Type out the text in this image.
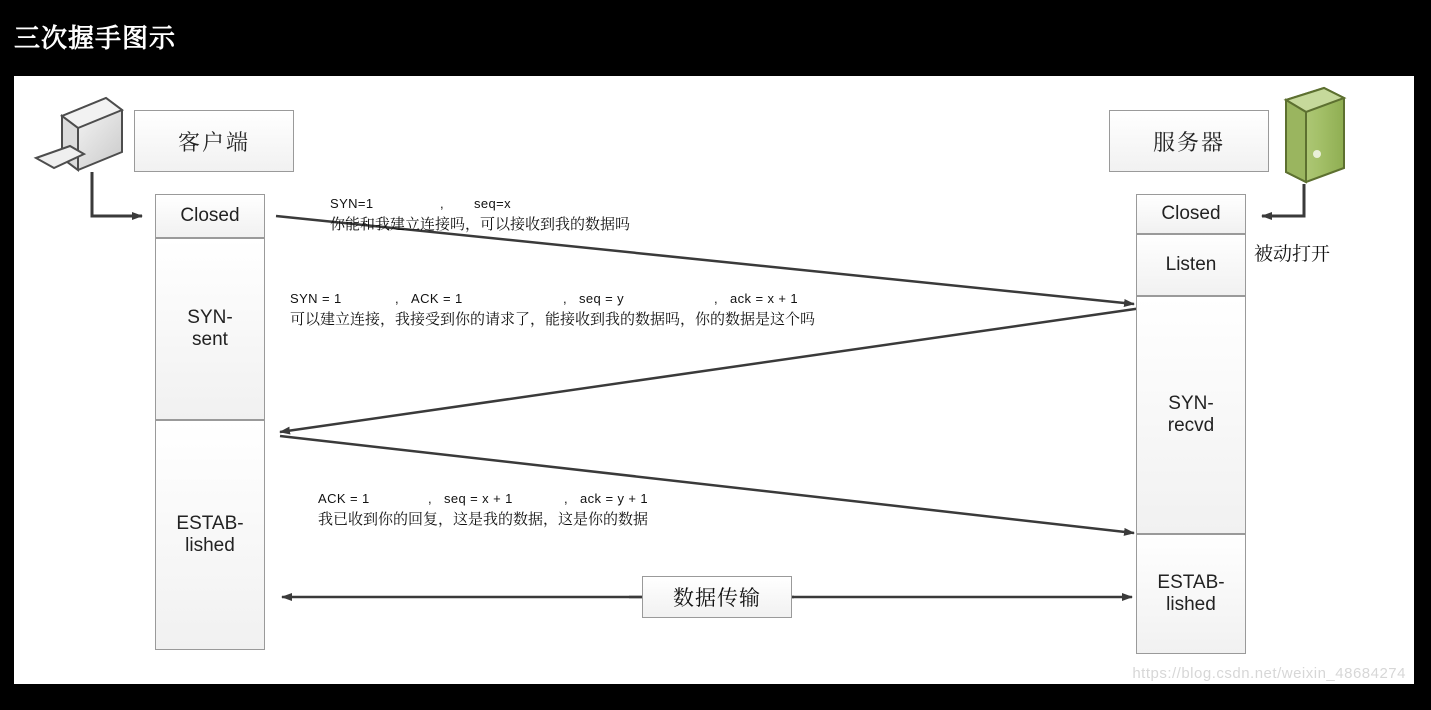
三次握手图示
客户端	服务器
Closed
SYN-
sent
ESTAB-
lished
Closed
Listen
SYN-
recvd
ESTAB-
lished
被动打开
SYN=1	, seq=x
你能和我建立连接吗，可以接收到我的数据吗
SYN = 1	, ACK = 1	, seq = y	, ack = x + 1
可以建立连接，我接受到你的请求了，能接收到我的数据吗，你的数据是这个吗
ACK = 1	, seq = x + 1	, ack = y + 1
我已收到你的回复，这是我的数据，这是你的数据
数据传输
https://blog.csdn.net/weixin_48684274
